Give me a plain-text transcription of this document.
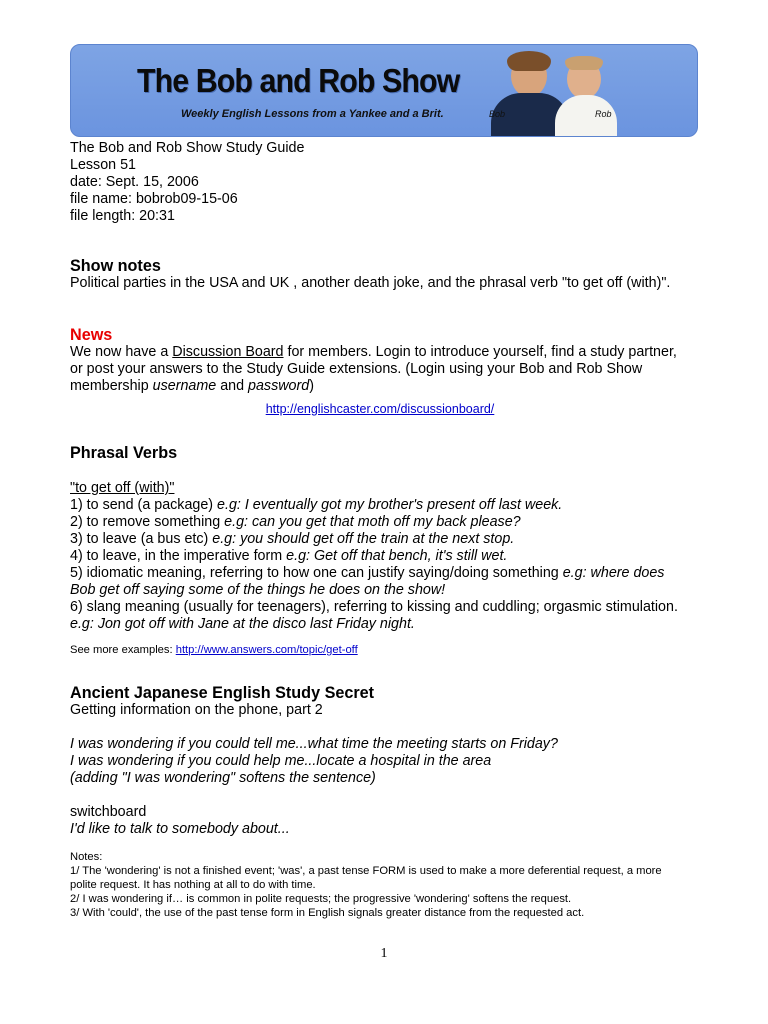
The Bob and Rob Show
Weekly English Lessons from a Yankee and a Brit.	Bob	Rob
The Bob and Rob Show Study Guide
Lesson 51
date: Sept. 15, 2006
file name: bobrob09-15-06
file length: 20:31
Show notes
Political parties in the USA and UK , another death joke, and the phrasal verb "to get off (with)".
News
We now have a Discussion Board for members. Login to introduce yourself, find a study partner, or post your answers to the Study Guide extensions. (Login using your Bob and Rob Show membership username and password)
http://englishcaster.com/discussionboard/
Phrasal Verbs
"to get off (with)"
1) to send (a package) e.g: I eventually got my brother's present off last week.
2) to remove something e.g: can you get that moth off my back please?
3) to leave (a bus etc) e.g: you should get off the train at the next stop.
4) to leave, in the imperative form e.g: Get off that bench, it's still wet.
5) idiomatic meaning, referring to how one can justify saying/doing something e.g: where does Bob get off saying some of the things he does on the show!
6) slang meaning (usually for teenagers), referring to kissing and cuddling; orgasmic stimulation. e.g: Jon got off with Jane at the disco last Friday night.
See more examples: http://www.answers.com/topic/get-off
Ancient Japanese English Study Secret
Getting information on the phone, part 2
I was wondering if you could tell me...what time the meeting starts on Friday?
I was wondering if you could help me...locate a hospital in the area
(adding "I was wondering" softens the sentence)
switchboard
I'd like to talk to somebody about...
Notes:
1/ The 'wondering' is not a finished event; 'was', a past tense FORM is used to make a more deferential request, a more polite request. It has nothing at all to do with time.
2/ I was wondering if… is common in polite requests; the progressive 'wondering' softens the request.
3/ With 'could', the use of the past tense form in English signals greater distance from the requested act.
1
